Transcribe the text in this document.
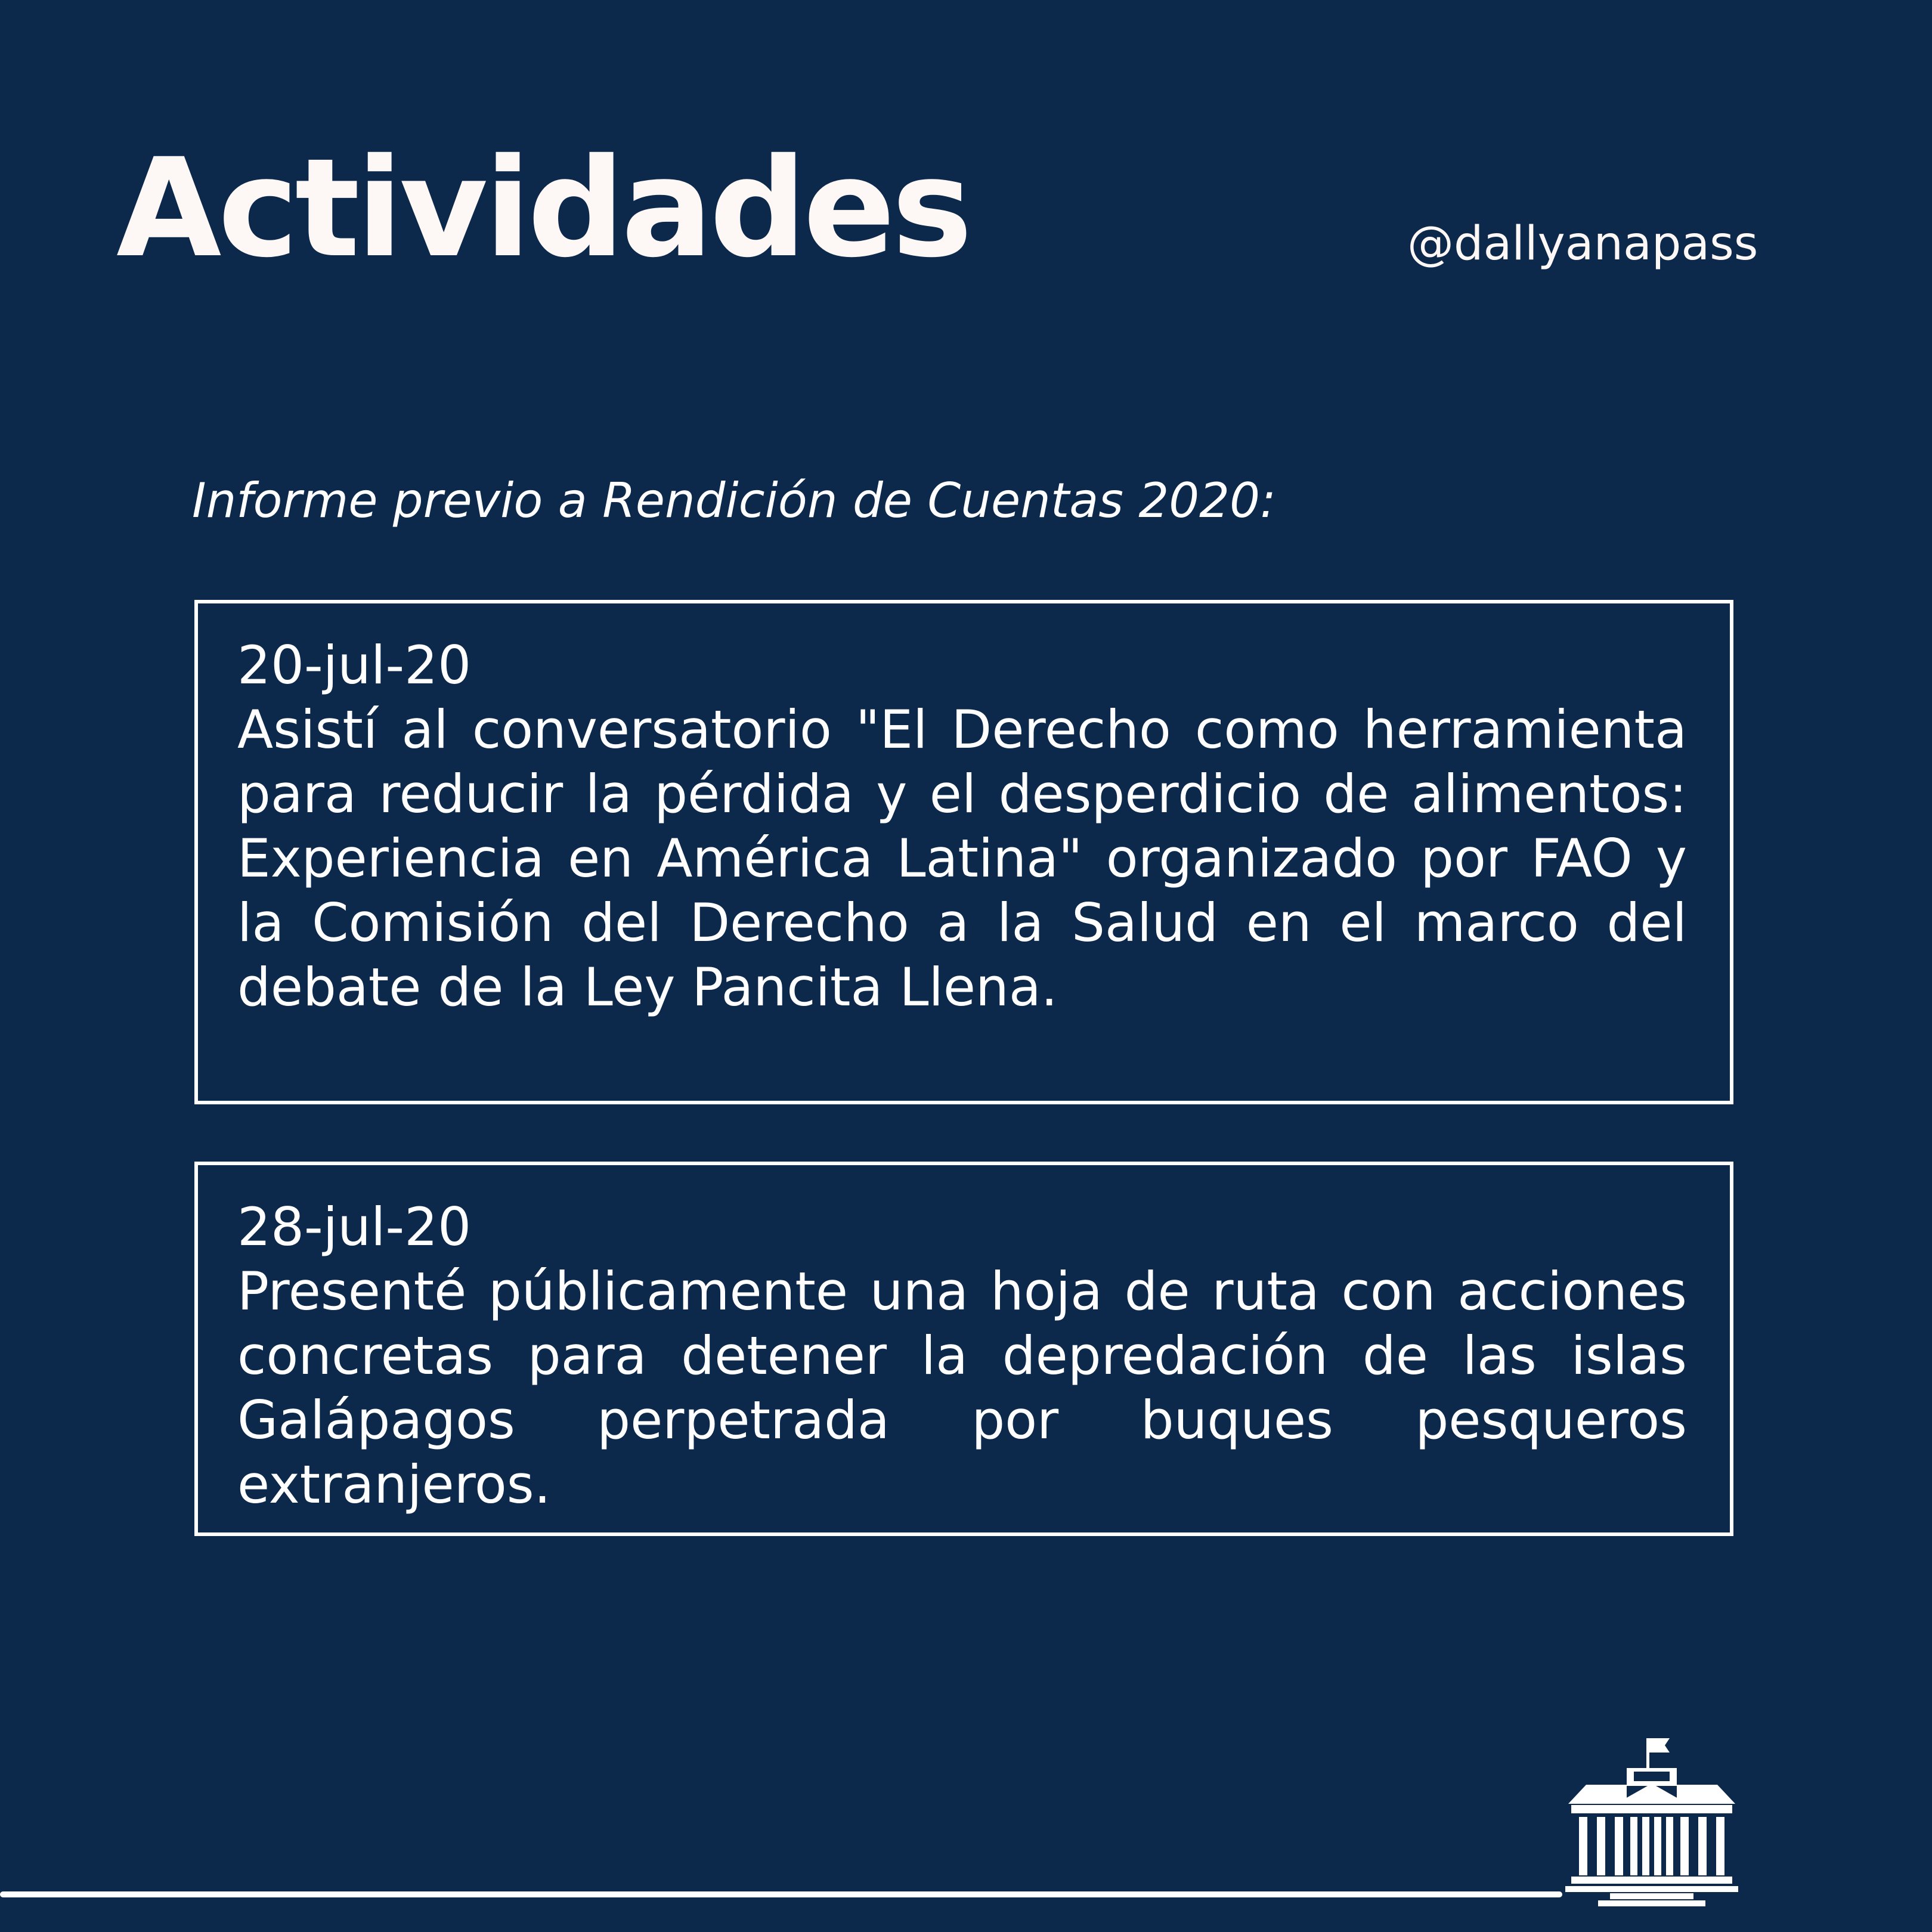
Actividades	@dallyanapass
Informe previo a Rendición de Cuentas 2020:
20-jul-20
Asistí al conversatorio "El Derecho como herramienta para reducir la pérdida y el desperdicio de alimentos: Experiencia en América Latina" organizado por FAO y la Comisión del Derecho a la Salud en el marco del debate de la Ley Pancita Llena.
28-jul-20
Presenté públicamente una hoja de ruta con acciones concretas para detener la depredación de las islas Galápagos perpetrada por buques pesqueros extranjeros.
